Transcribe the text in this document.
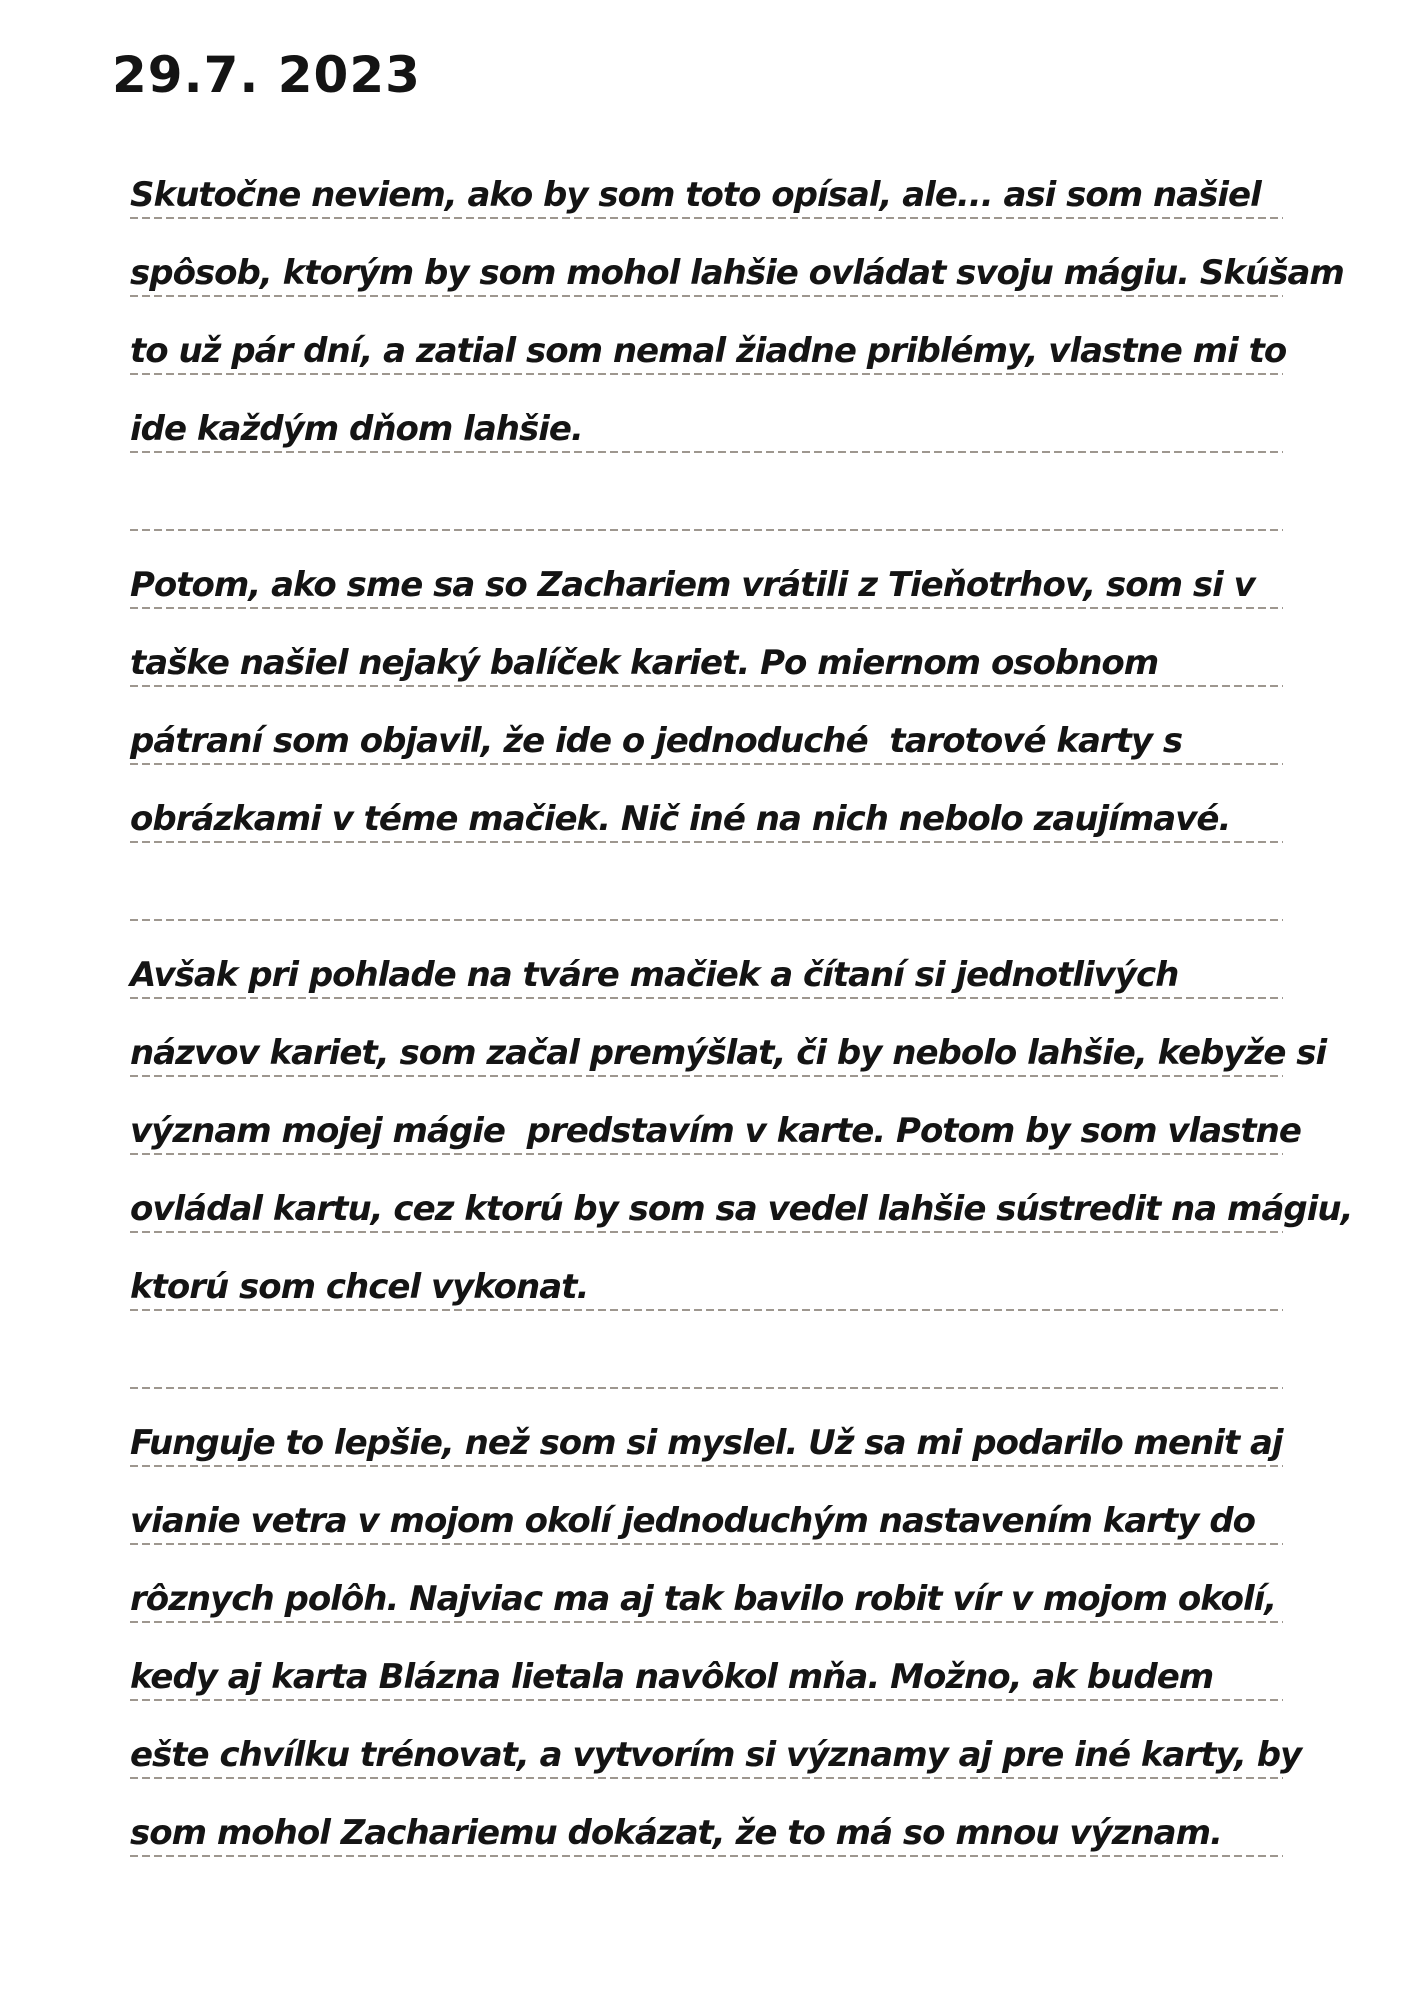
29.7. 2023
Skutočne neviem, ako by som toto opísal, ale... asi som našiel
spôsob, ktorým by som mohol lahšie ovládat svoju mágiu. Skúšam
to už pár dní, a zatial som nemal žiadne priblémy, vlastne mi to
ide každým dňom lahšie.
Potom, ako sme sa so Zachariem vrátili z Tieňotrhov, som si v
taške našiel nejaký balíček kariet. Po miernom osobnom
pátraní som objavil, že ide o jednoduché  tarotové karty s
obrázkami v téme mačiek. Nič iné na nich nebolo zaujímavé.
Avšak pri pohlade na tváre mačiek a čítaní si jednotlivých
názvov kariet, som začal premýšlat, či by nebolo lahšie, kebyže si
význam mojej mágie  predstavím v karte. Potom by som vlastne
ovládal kartu, cez ktorú by som sa vedel lahšie sústredit na mágiu,
ktorú som chcel vykonat.
Funguje to lepšie, než som si myslel. Už sa mi podarilo menit aj
vianie vetra v mojom okolí jednoduchým nastavením karty do
rôznych polôh. Najviac ma aj tak bavilo robit vír v mojom okolí,
kedy aj karta Blázna lietala navôkol mňa. Možno, ak budem
ešte chvílku trénovat, a vytvorím si významy aj pre iné karty, by
som mohol Zachariemu dokázat, že to má so mnou význam.
